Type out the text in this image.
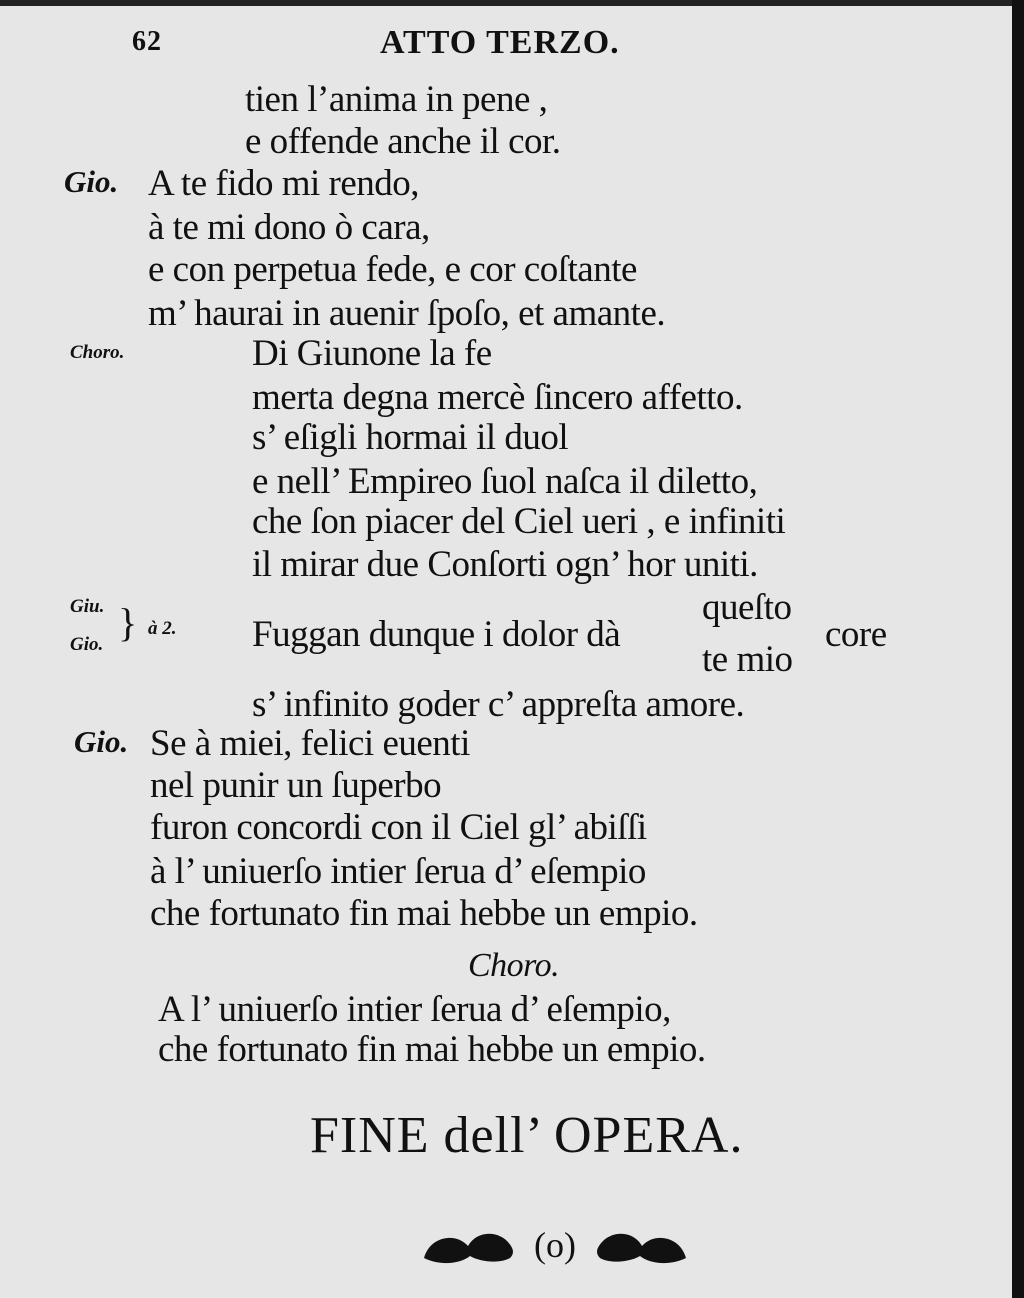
62	ATTO TERZO.
tien l’anima in pene ,
e offende anche il cor.
Gio. A te fido mi rendo,
à te mi dono ò cara,
e con perpetua fede, e cor coſtante
m’ haurai in auenir ſpoſo, et amante.
Choro.	Di Giunone la fe
merta degna mercè ſincero affetto.
s’ eſigli hormai il duol
e nell’ Empireo ſuol naſca il diletto,
che ſon piacer del Ciel ueri , e infiniti
il mirar due Conſorti ogn’ hor uniti.
Giu.
Gio. } à 2. Fuggan dunque i dolor dà
queſto
te mio
core
s’ infinito goder c’ appreſta amore.
Gio. Se à miei, felici euenti
nel punir un ſuperbo
furon concordi con il Ciel gl’ abiſſi
à l’ uniuerſo intier ſerua d’ eſempio
che fortunato fin mai hebbe un empio.
Choro.
A l’ uniuerſo intier ſerua d’ eſempio,
che fortunato fin mai hebbe un empio.
FINE dell’ OPERA.
(o)
